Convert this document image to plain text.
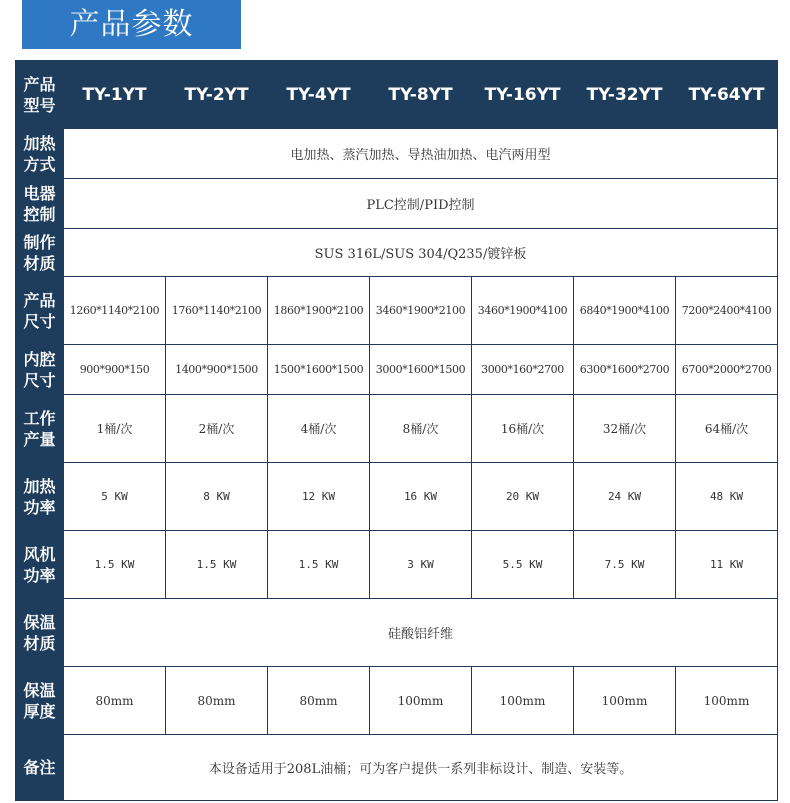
产品参数
产品型号	TY-1YT	TY-2YT	TY-4YT	TY-8YT	TY-16YT	TY-32YT	TY-64YT
加热方式	电加热、蒸汽加热、导热油加热、电汽两用型						
电器控制	PLC控制/PID控制						
制作材质	SUS 316L/SUS 304/Q235/镀锌板						
产品尺寸	1260*1140*2100	1760*1140*2100	1860*1900*2100	3460*1900*2100	3460*1900*4100	6840*1900*4100	7200*2400*4100
内腔尺寸	900*900*150	1400*900*1500	1500*1600*1500	3000*1600*1500	3000*160*2700	6300*1600*2700	6700*2000*2700
工作产量	1桶/次	2桶/次	4桶/次	8桶/次	16桶/次	32桶/次	64桶/次
加热功率	5 KW	8 KW	12 KW	16 KW	20 KW	24 KW	48 KW
风机功率	1.5 KW	1.5 KW	1.5 KW	3 KW	5.5 KW	7.5 KW	11 KW
保温材质	硅酸铝纤维						
保温厚度	80mm	80mm	80mm	100mm	100mm	100mm	100mm
备注	本设备适用于208L油桶；可为客户提供一系列非标设计、制造、安装等。						
